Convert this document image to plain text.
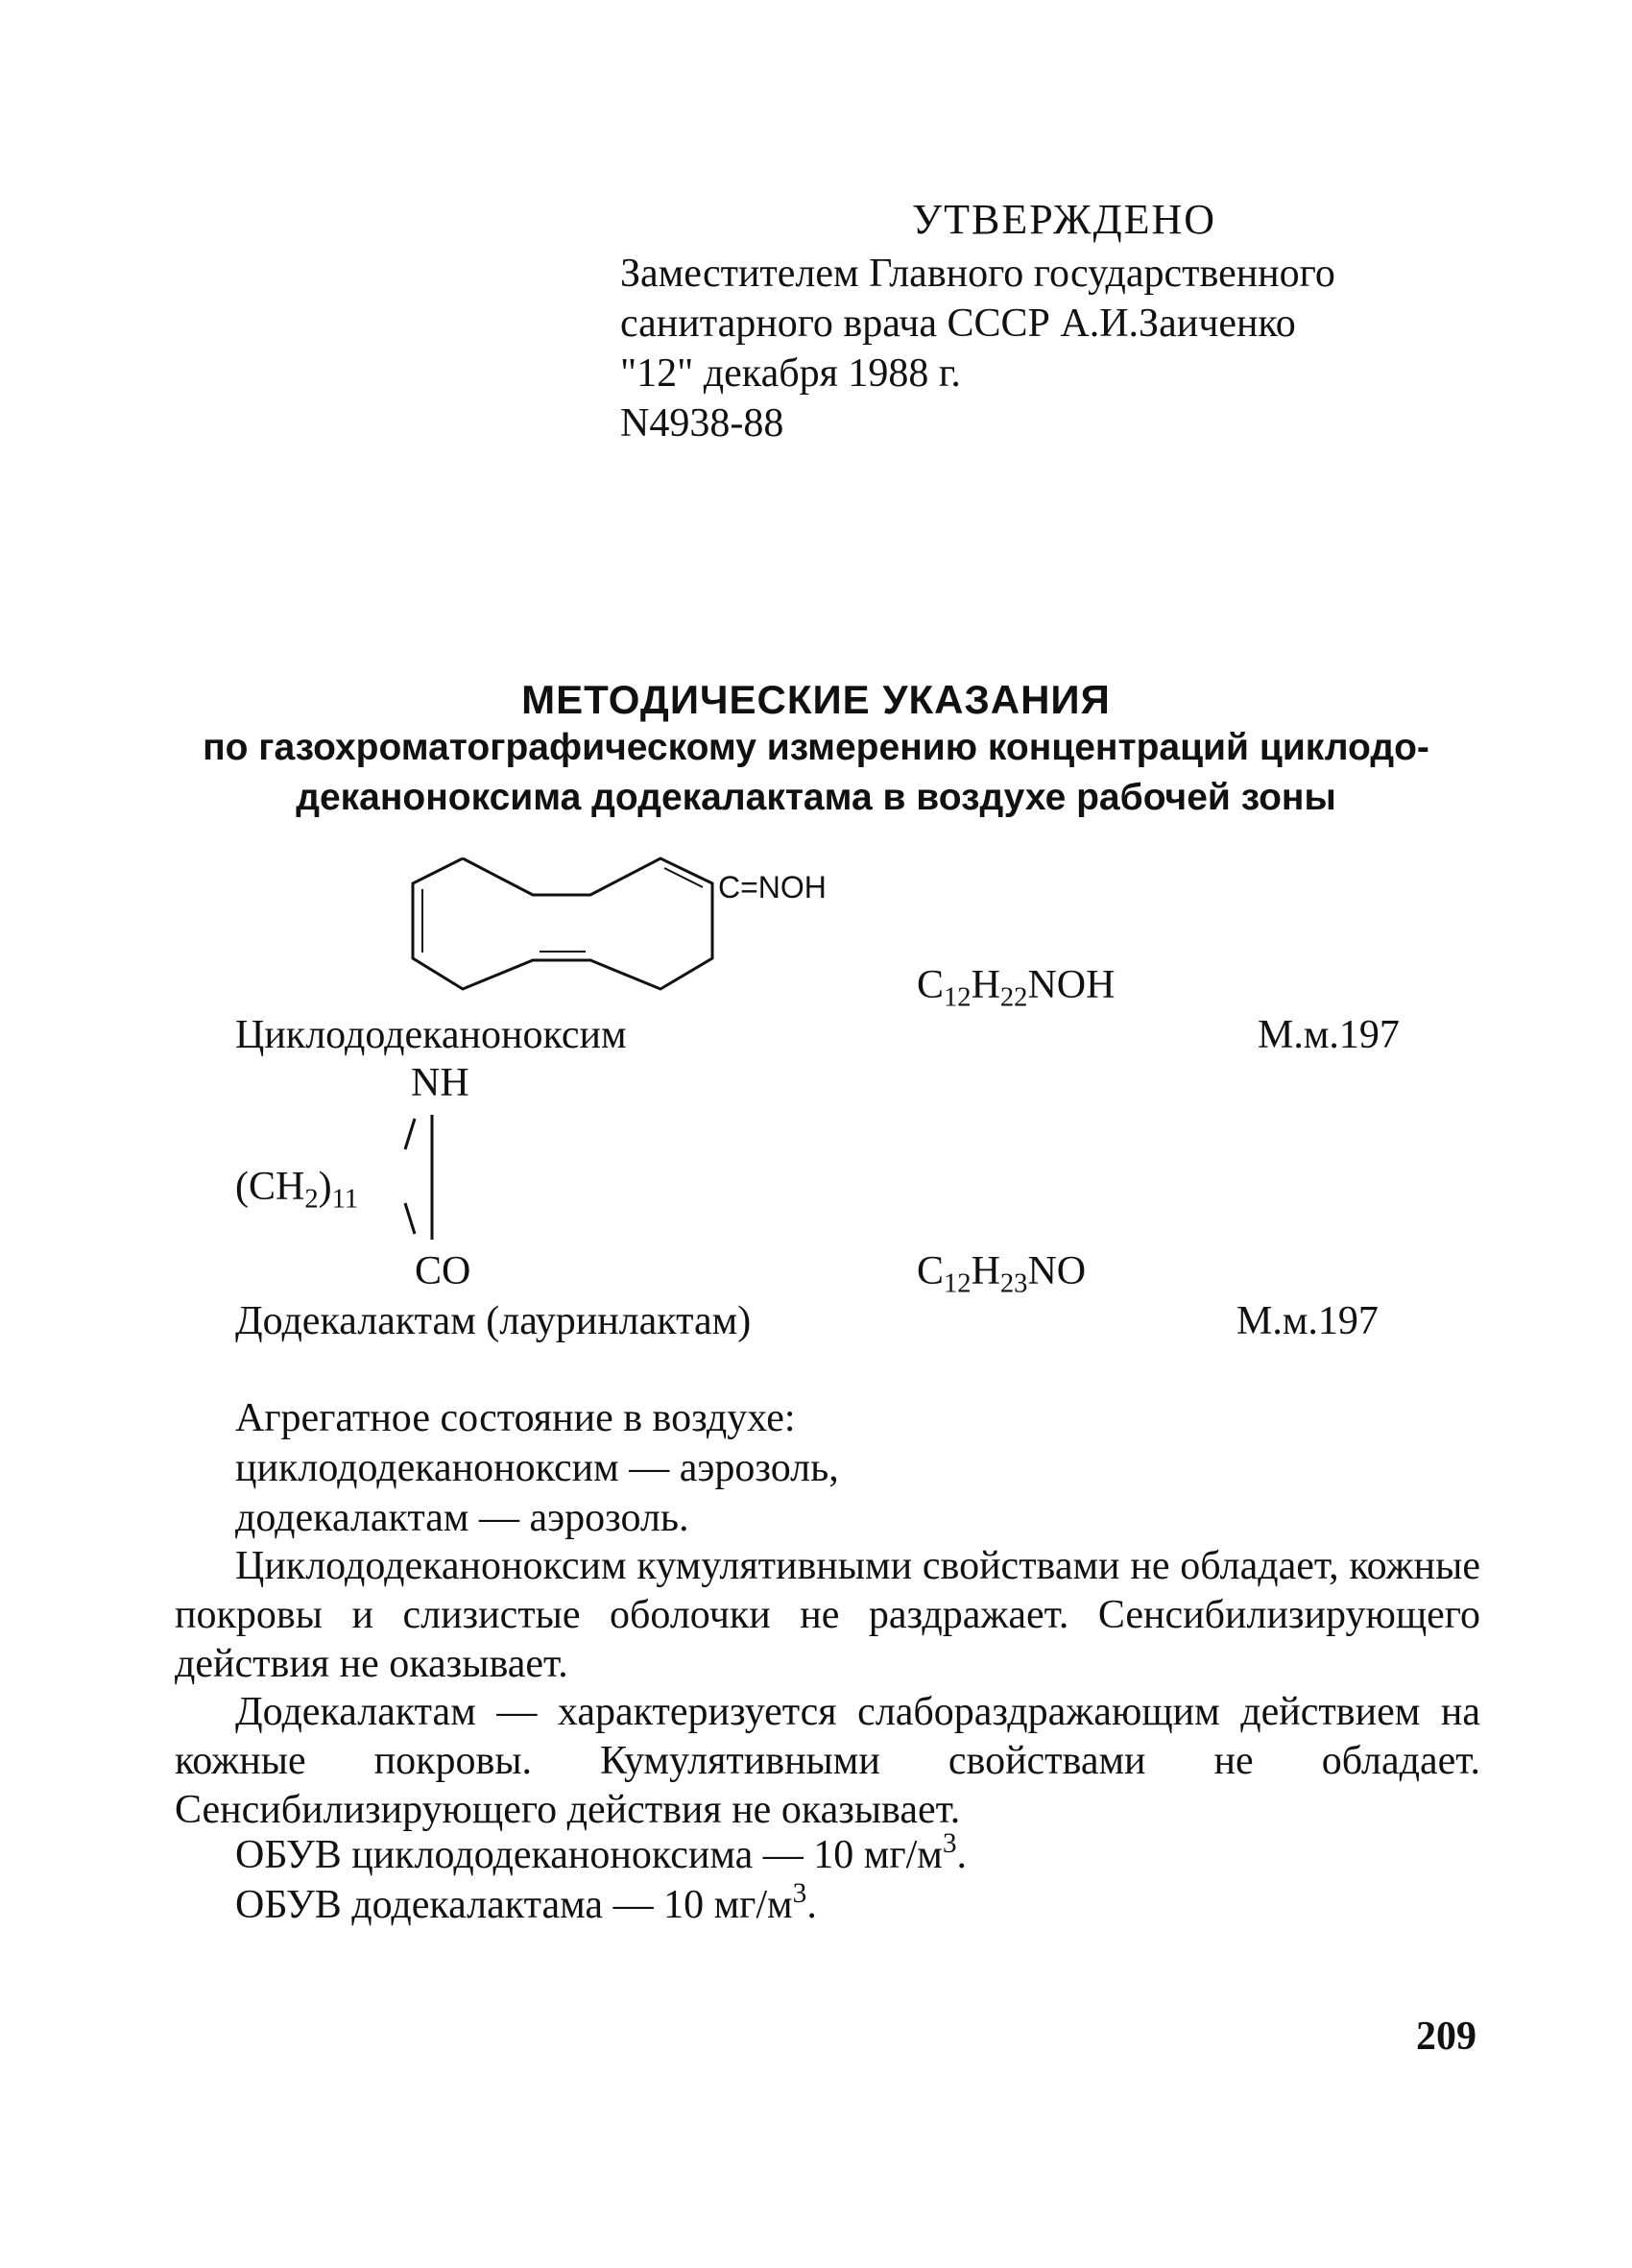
УТВЕРЖДЕНО
Заместителем Главного государственного
санитарного врача СССР А.И.Заиченко
"12" декабря 1988 г.
N4938-88
МЕТОДИЧЕСКИЕ УКАЗАНИЯ
по газохроматографическому измерению концентраций циклодо-
деканоноксима додекалактама в воздухе рабочей зоны
C=NOH
$C_{12}H_{22}NOH$
Циклододеканоноксим	М.м.197
NH
$(CH_2)_{11}$
CO	$C_{12}H_{23}NO$
Додекалактам (лауринлактам)	М.м.197
Агрегатное состояние в воздухе:
циклододеканоноксим — аэрозоль,
додекалактам — аэрозоль.
Циклододеканоноксим кумулятивными свойствами не обладает, кожные покровы и слизистые оболочки не раздражает. Сенсибилизирующего действия не оказывает.
Додекалактам — характеризуется слабораздражающим действием на кожные покровы. Кумулятивными свойствами не обладает. Сенсибилизирующего действия не оказывает.
ОБУВ циклододеканоноксима — 10 $мг/м^3$.
ОБУВ додекалактама — 10 $мг/м^3$.
209
